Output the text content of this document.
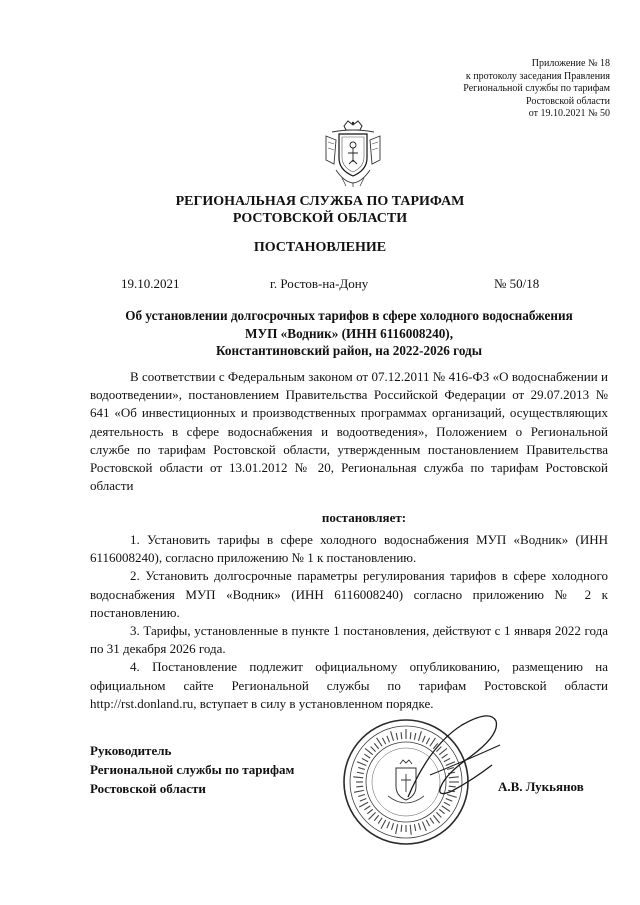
Приложение № 18
к протоколу заседания Правления
Региональной службы по тарифам
Ростовской области
от 19.10.2021 № 50
РЕГИОНАЛЬНАЯ СЛУЖБА ПО ТАРИФАМ
РОСТОВСКОЙ ОБЛАСТИ
ПОСТАНОВЛЕНИЕ
19.10.2021	г. Ростов-на-Дону	№ 50/18
Об установлении долгосрочных тарифов в сфере холодного водоснабжения
МУП «Водник» (ИНН 6116008240),
Константиновский район, на 2022-2026 годы

В соответствии с Федеральным законом от 07.12.2011 № 416-ФЗ «О водоснабжении и водоотведении», постановлением Правительства Российской Федерации от 29.07.2013 № 641 «Об инвестиционных и производственных программах организаций, осуществляющих деятельность в сфере водоснабжения и водоотведения», Положением о Региональной службе по тарифам Ростовской области, утвержденным постановлением Правительства Ростовской области от 13.01.2012 № 20, Региональная служба по тарифам Ростовской области

постановляет:

1. Установить тарифы в сфере холодного водоснабжения МУП «Водник» (ИНН 6116008240), согласно приложению № 1 к постановлению.

2. Установить долгосрочные параметры регулирования тарифов в сфере холодного водоснабжения МУП «Водник» (ИНН 6116008240) согласно приложению № 2 к постановлению.

3. Тарифы, установленные в пункте 1 постановления, действуют с 1 января 2022 года по 31 декабря 2026 года.

4. Постановление подлежит официальному опубликованию, размещению на официальном сайте Региональной службы по тарифам Ростовской области http://rst.donland.ru, вступает в силу в установленном порядке.

Руководитель
Региональной службы по тарифам
Ростовской области	А.В. Лукьянов
